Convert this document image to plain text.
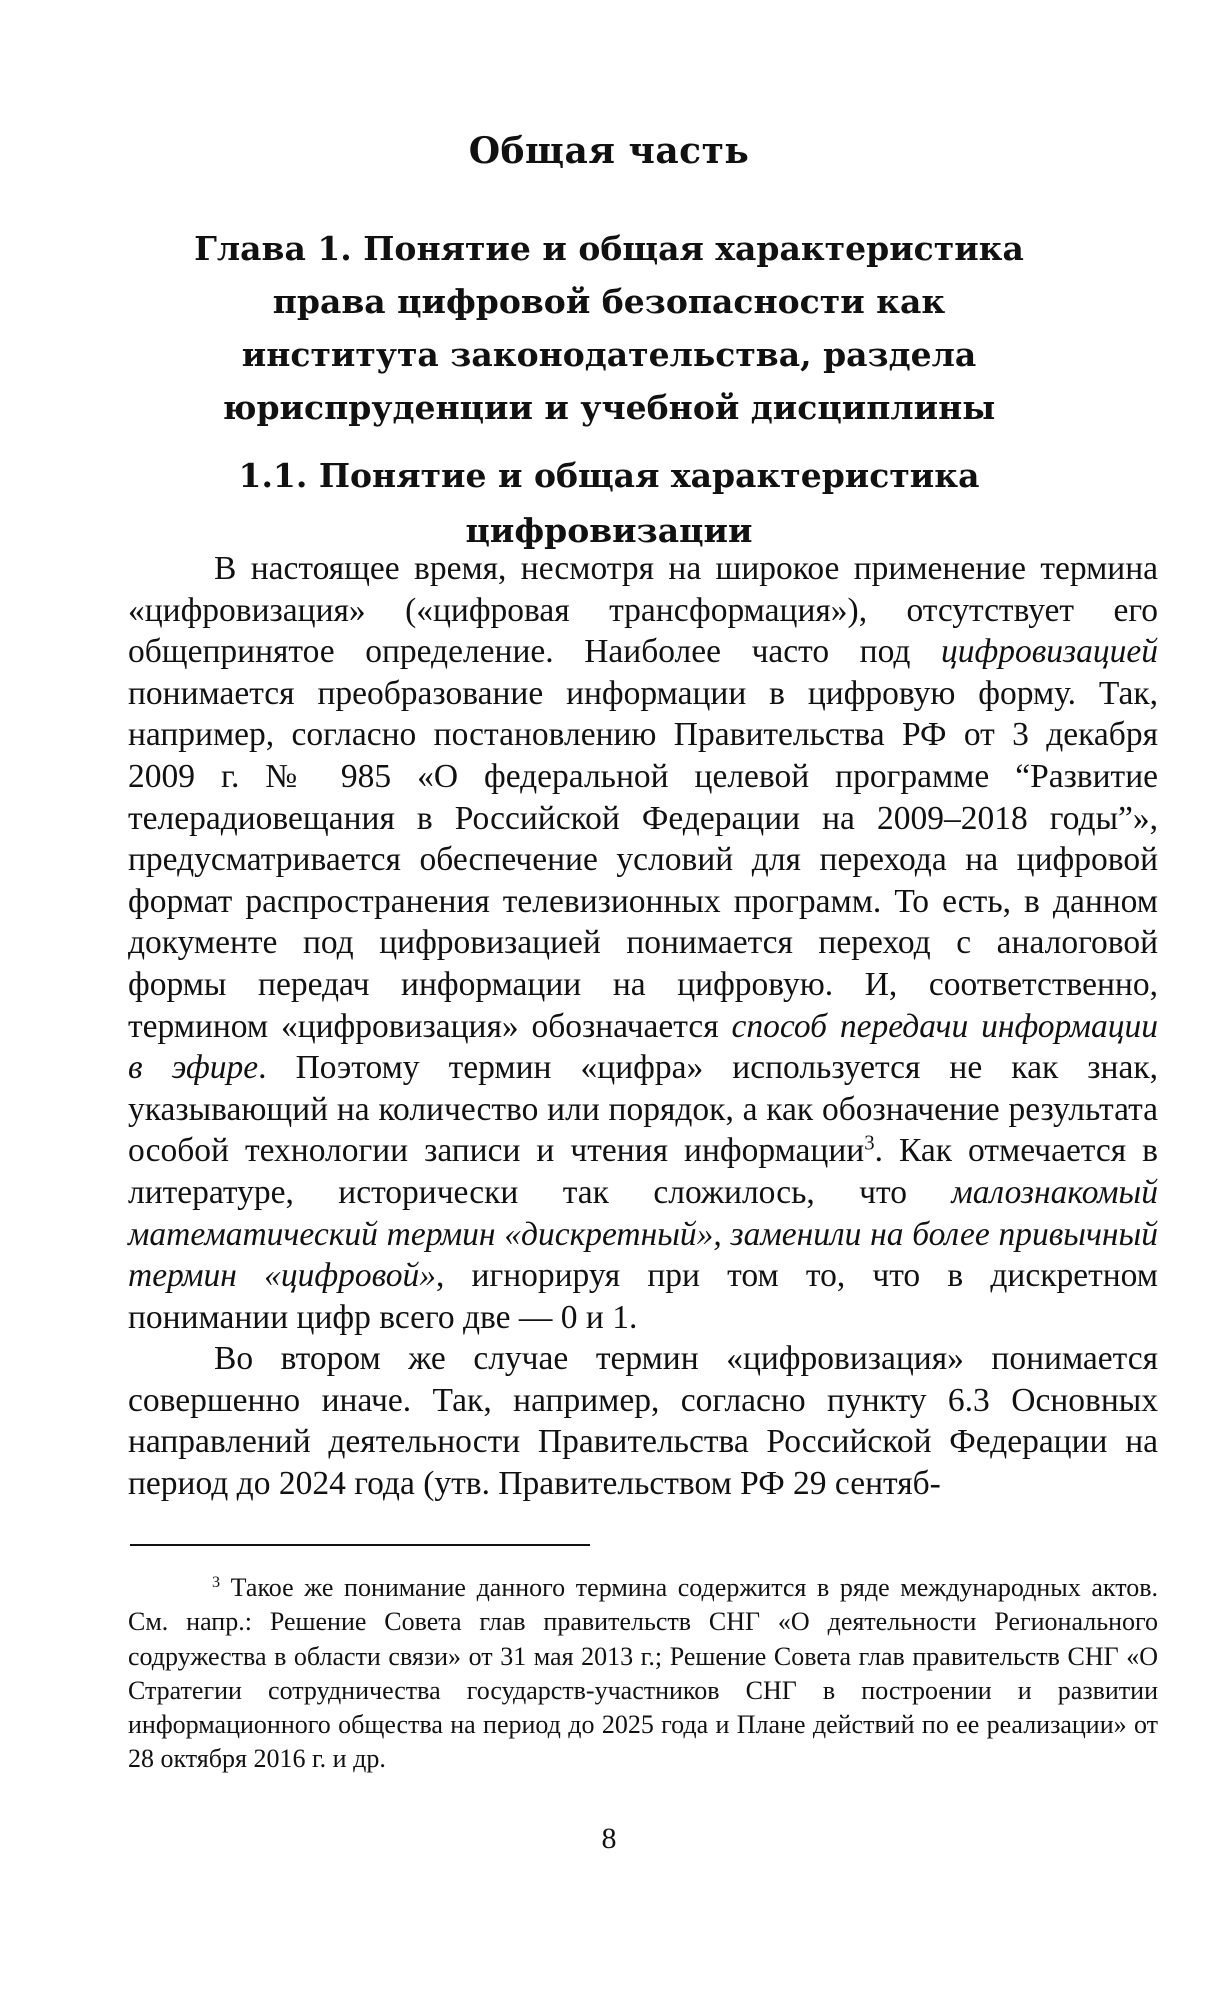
Общая часть
Глава 1. Понятие и общая характериcтика права цифровой безопасности как института законодательства, раздела юриспруденции и учебной дисциплины
1.1. Понятие и общая характеристика цифровизации

В настоящее время, несмотря на широкое применение термина «цифровизация» («цифровая трансформация»), отсутствует его общепринятое определение. Наиболее часто под цифровизацией понимается преобразование информации в цифровую форму. Так, например, согласно постановлению Правительства РФ от 3 декабря 2009 г. № 985 «О федеральной целевой программе “Развитие телерадиовещания в Российской Федерации на 2009–2018 годы”», предусматривается обеспечение условий для перехода на цифровой формат распространения телевизионных программ. То есть, в данном документе под цифровизацией понимается переход с аналоговой формы передач информации на цифровую. И, соответственно, термином «цифровизация» обозначается способ передачи информации в эфире. Поэтому термин «цифра» используется не как знак, указывающий на количество или порядок, а как обозначение результата особой технологии записи и чтения информации$^3$. Как отмечается в литературе, исторически так сложилось, что малознакомый математический термин «дискретный», заменили на более привычный термин «цифровой», игнорируя при том то, что в дискретном понимании цифр всего две — 0 и 1.

Во втором же случае термин «цифровизация» понимается совершенно иначе. Так, например, согласно пункту 6.3 Основных направлений деятельности Правительства Российской Федерации на период до 2024 года (утв. Правительством РФ 29 сентяб-

$^3$ Такое же понимание данного термина содержится в ряде международных актов. См. напр.: Решение Совета глав правительств СНГ «О деятельности Регионального содружества в области связи» от 31 мая 2013 г.; Решение Совета глав правительств СНГ «О Стратегии сотрудничества государств-участников СНГ в построении и развитии информационного общества на период до 2025 года и Плане действий по ее реализации» от 28 октября 2016 г. и др.

8
